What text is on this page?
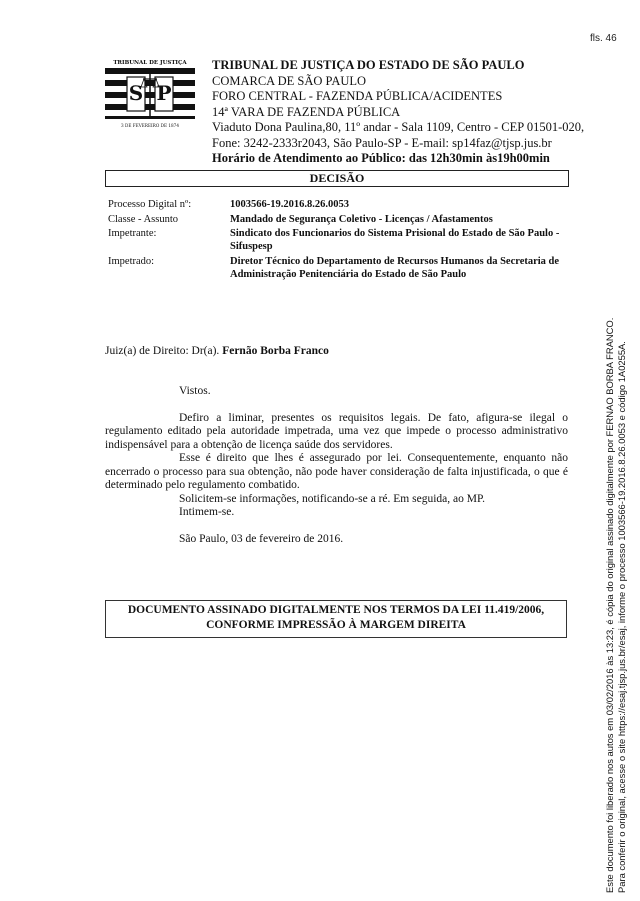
fls. 46
TRIBUNAL DE JUSTIÇA
S P
3 DE FEVEREIRO DE 1874
TRIBUNAL DE JUSTIÇA DO ESTADO DE SÃO PAULO
COMARCA DE SÃO PAULO
FORO CENTRAL - FAZENDA PÚBLICA/ACIDENTES
14ª VARA DE FAZENDA PÚBLICA
Viaduto Dona Paulina,80, 11º andar - Sala 1109, Centro - CEP 01501-020,
Fone: 3242-2333r2043, São Paulo-SP - E-mail: sp14faz@tjsp.jus.br
Horário de Atendimento ao Público: das 12h30min às19h00min
DECISÃO
Processo Digital nº:	1003566-19.2016.8.26.0053
Classe - Assunto	Mandado de Segurança Coletivo - Licenças / Afastamentos
Impetrante:	Sindicato dos Funcionarios do Sistema Prisional do Estado de São Paulo - Sifuspesp
Impetrado:	Diretor Técnico do Departamento de Recursos Humanos da Secretaria de Administração Penitenciária do Estado de São Paulo
Juiz(a) de Direito: Dr(a). Fernão Borba Franco

Vistos.

Defiro a liminar, presentes os requisitos legais. De fato, afigura-se ilegal o regulamento editado pela autoridade impetrada, uma vez que impede o processo administrativo indispensável para a obtenção de licença saúde dos servidores.

Esse é direito que lhes é assegurado por lei. Consequentemente, enquanto não encerrado o processo para sua obtenção, não pode haver consideração de falta injustificada, o que é determinado pelo regulamento combatido.

Solicitem-se informações, notificando-se a ré. Em seguida, ao MP.

Intimem-se.

São Paulo, 03 de fevereiro de 2016.

DOCUMENTO ASSINADO DIGITALMENTE NOS TERMOS DA LEI 11.419/2006,
CONFORME IMPRESSÃO À MARGEM DIREITA	Este documento foi liberado nos autos em 03/02/2016 às 13:23, é cópia do original assinado digitalmente por FERNAO BORBA FRANCO. Para conferir o original, acesse o site https://esaj.tjsp.jus.br/esaj, informe o processo 1003566-19.2016.8.26.0053 e código 1A0255A.
